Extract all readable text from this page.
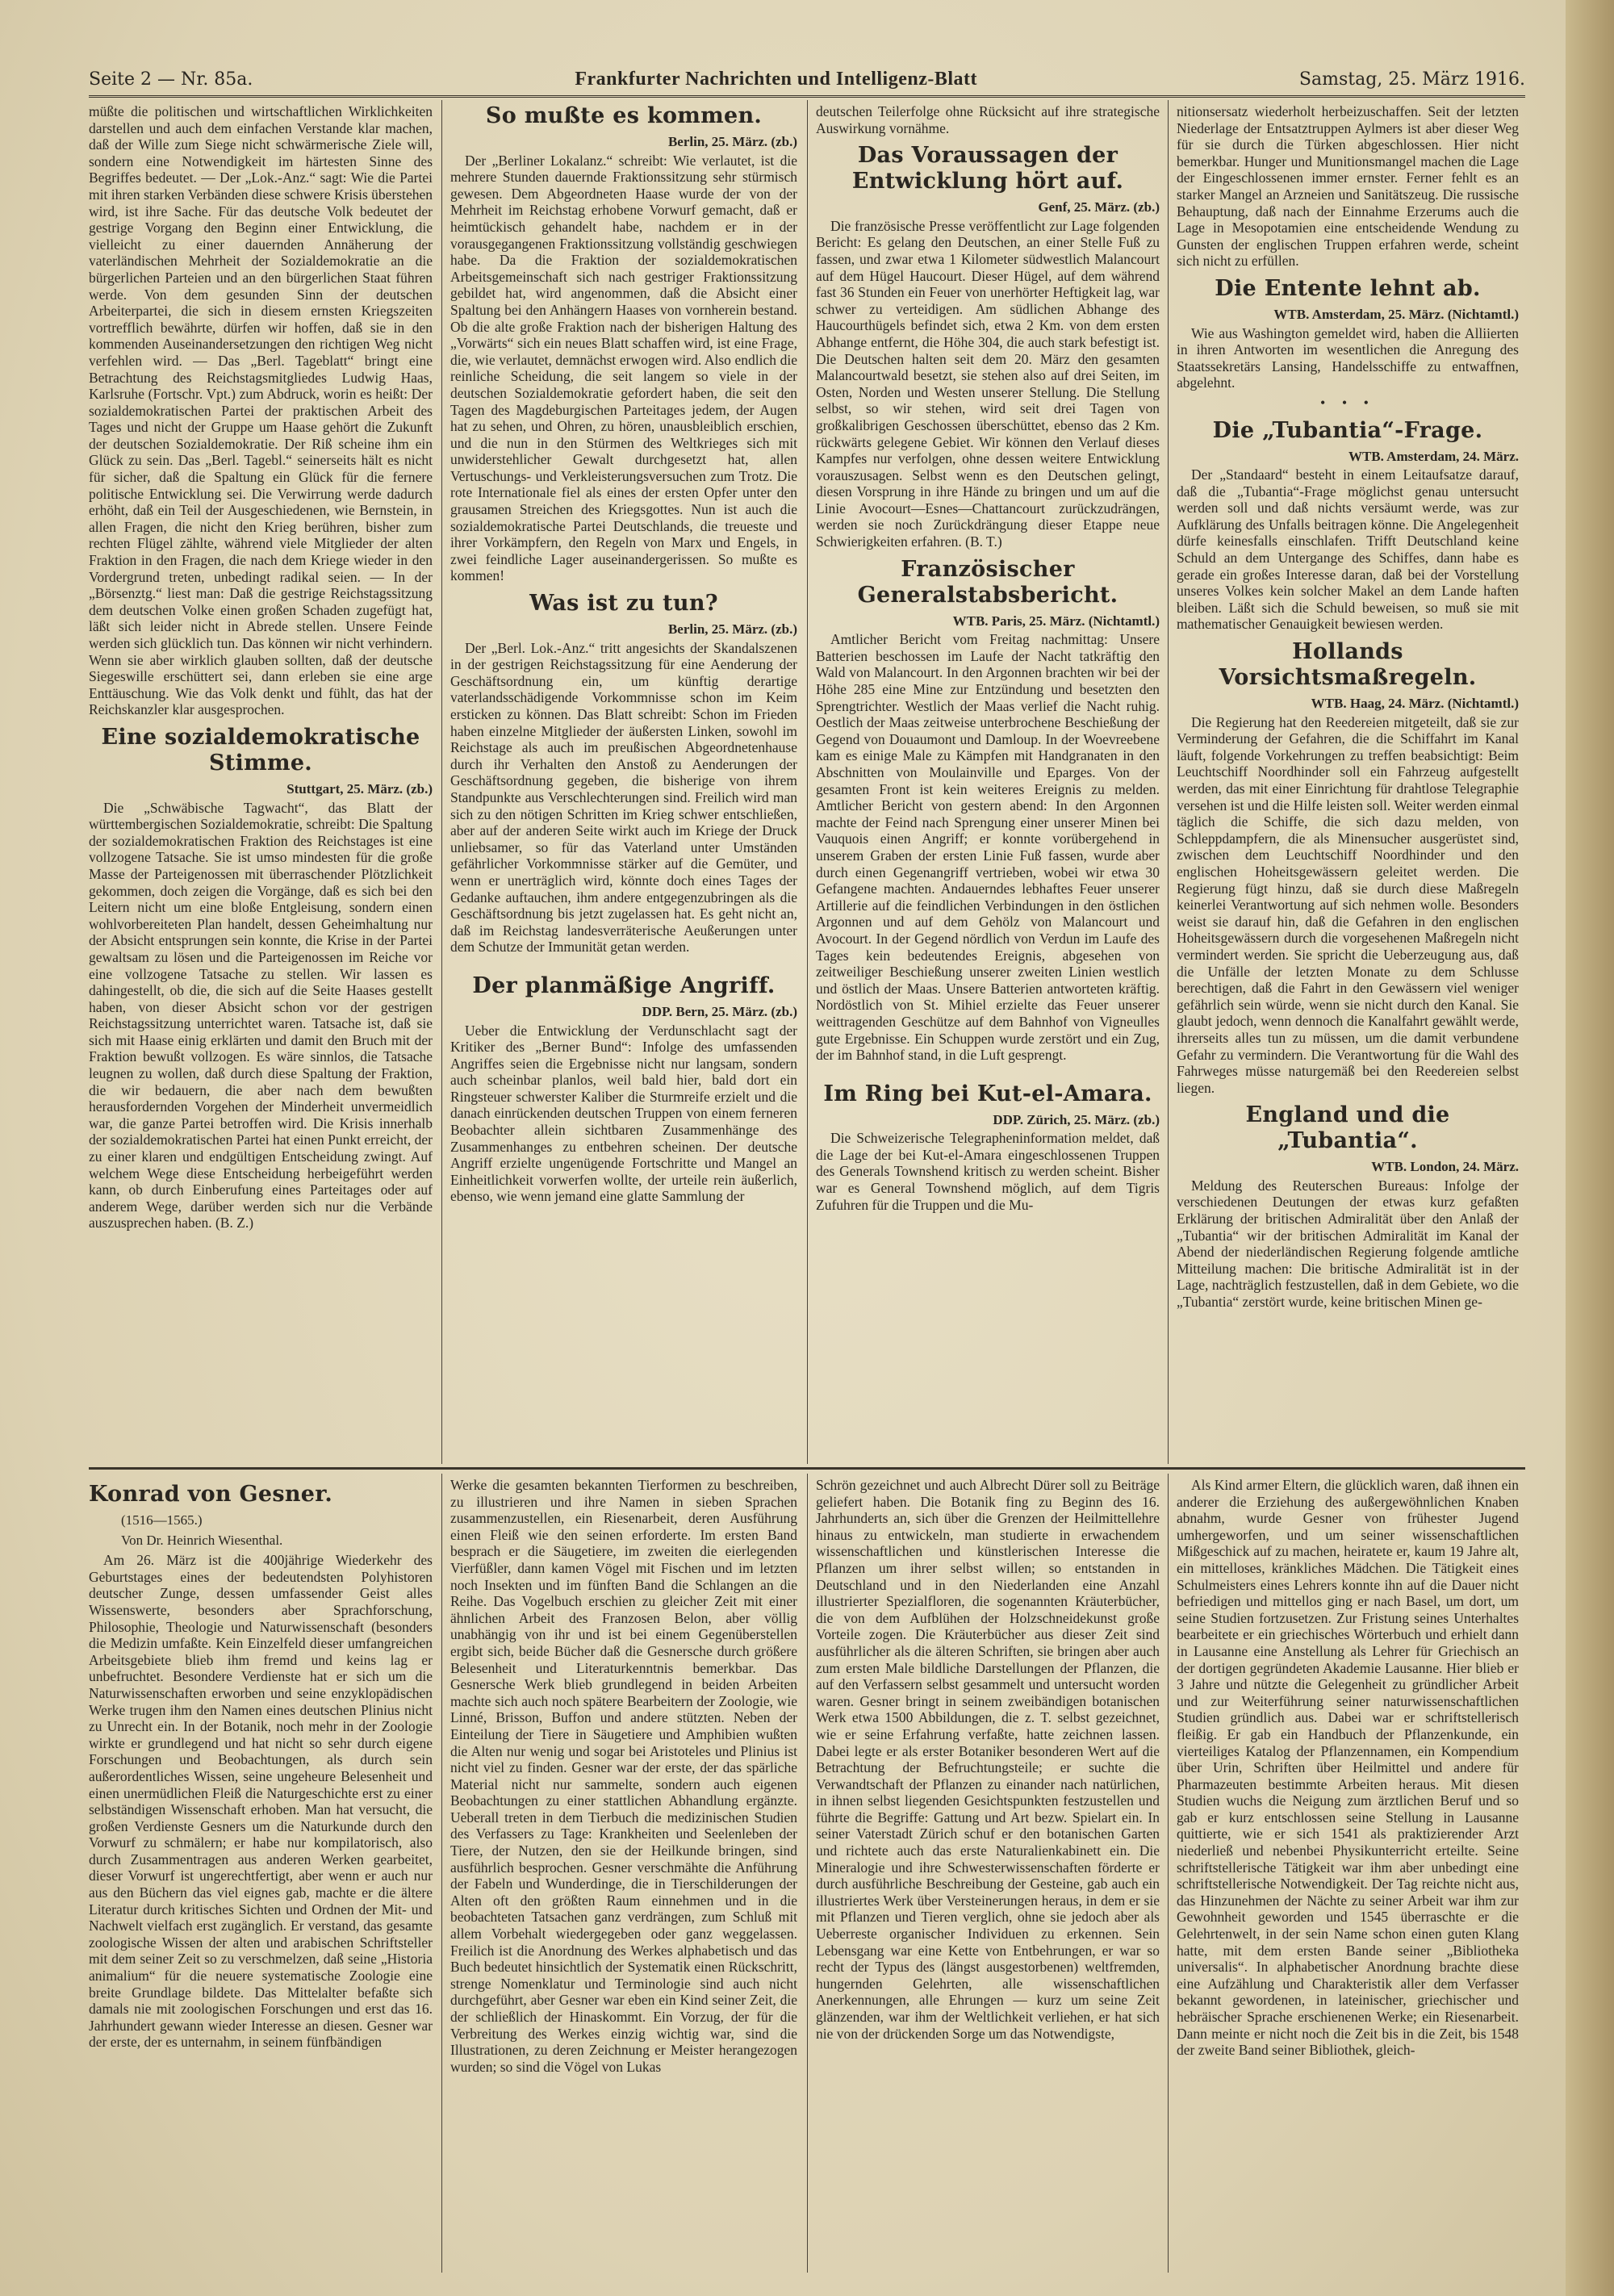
Seite 2 — Nr. 85a.	Frankfurter Nachrichten und Intelligenz-Blatt	Samstag, 25. März 1916.

müßte die politischen und wirtschaftlichen Wirklichkeiten darstellen und auch dem einfachen Verstande klar machen, daß der Wille zum Siege nicht schwärmerische Ziele will, sondern eine Notwendigkeit im härtesten Sinne des Begriffes bedeutet. — Der „Lok.-Anz.“ sagt: Wie die Partei mit ihren starken Verbänden diese schwere Krisis überstehen wird, ist ihre Sache. Für das deutsche Volk bedeutet der gestrige Vorgang den Beginn einer Entwicklung, die vielleicht zu einer dauernden Annäherung der vaterländischen Mehrheit der Sozialdemokratie an die bürgerlichen Parteien und an den bürgerlichen Staat führen werde. Von dem gesunden Sinn der deutschen Arbeiterpartei, die sich in diesem ernsten Kriegszeiten vortrefflich bewährte, dürfen wir hoffen, daß sie in den kommenden Auseinandersetzungen den richtigen Weg nicht verfehlen wird. — Das „Berl. Tageblatt“ bringt eine Betrachtung des Reichstagsmitgliedes Ludwig Haas, Karlsruhe (Fortschr. Vpt.) zum Abdruck, worin es heißt: Der sozialdemokratischen Partei der praktischen Arbeit des Tages und nicht der Gruppe um Haase gehört die Zukunft der deutschen Sozialdemokratie. Der Riß scheine ihm ein Glück zu sein. Das „Berl. Tagebl.“ seinerseits hält es nicht für sicher, daß die Spaltung ein Glück für die fernere politische Entwicklung sei. Die Verwirrung werde dadurch erhöht, daß ein Teil der Ausgeschiedenen, wie Bernstein, in allen Fragen, die nicht den Krieg berühren, bisher zum rechten Flügel zählte, während viele Mitglieder der alten Fraktion in den Fragen, die nach dem Kriege wieder in den Vordergrund treten, unbedingt radikal seien. — In der „Börsenztg.“ liest man: Daß die gestrige Reichstagssitzung dem deutschen Volke einen großen Schaden zugefügt hat, läßt sich leider nicht in Abrede stellen. Unsere Feinde werden sich glücklich tun. Das können wir nicht verhindern. Wenn sie aber wirklich glauben sollten, daß der deutsche Siegeswille erschüttert sei, dann erleben sie eine arge Enttäuschung. Wie das Volk denkt und fühlt, das hat der Reichskanzler klar ausgesprochen.

Eine sozialdemokratische Stimme.
Stuttgart, 25. März. (zb.)

Die „Schwäbische Tagwacht“, das Blatt der württembergischen Sozialdemokratie, schreibt: Die Spaltung der sozialdemokratischen Fraktion des Reichstages ist eine vollzogene Tatsache. Sie ist umso mindesten für die große Masse der Parteigenossen mit überraschender Plötzlichkeit gekommen, doch zeigen die Vorgänge, daß es sich bei den Leitern nicht um eine bloße Entgleisung, sondern einen wohlvorbereiteten Plan handelt, dessen Geheimhaltung nur der Absicht entsprungen sein konnte, die Krise in der Partei gewaltsam zu lösen und die Parteigenossen im Reiche vor eine vollzogene Tatsache zu stellen. Wir lassen es dahingestellt, ob die, die sich auf die Seite Haases gestellt haben, von dieser Absicht schon vor der gestrigen Reichstagssitzung unterrichtet waren. Tatsache ist, daß sie sich mit Haase einig erklärten und damit den Bruch mit der Fraktion bewußt vollzogen. Es wäre sinnlos, die Tatsache leugnen zu wollen, daß durch diese Spaltung der Fraktion, die wir bedauern, die aber nach dem bewußten herausfordernden Vorgehen der Minderheit unvermeidlich war, die ganze Partei betroffen wird. Die Krisis innerhalb der sozialdemokratischen Partei hat einen Punkt erreicht, der zu einer klaren und endgültigen Entscheidung zwingt. Auf welchem Wege diese Entscheidung herbeigeführt werden kann, ob durch Einberufung eines Parteitages oder auf anderem Wege, darüber werden sich nur die Verbände auszusprechen haben. (B. Z.)

So mußte es kommen.
Berlin, 25. März. (zb.)

Der „Berliner Lokalanz.“ schreibt: Wie verlautet, ist die mehrere Stunden dauernde Fraktionssitzung sehr stürmisch gewesen. Dem Abgeordneten Haase wurde der von der Mehrheit im Reichstag erhobene Vorwurf gemacht, daß er heimtückisch gehandelt habe, nachdem er in der vorausgegangenen Fraktionssitzung vollständig geschwiegen habe. Da die Fraktion der sozialdemokratischen Arbeitsgemeinschaft sich nach gestriger Fraktionssitzung gebildet hat, wird angenommen, daß die Absicht einer Spaltung bei den Anhängern Haases von vornherein bestand. Ob die alte große Fraktion nach der bisherigen Haltung des „Vorwärts“ sich ein neues Blatt schaffen wird, ist eine Frage, die, wie verlautet, demnächst erwogen wird. Also endlich die reinliche Scheidung, die seit langem so viele in der deutschen Sozialdemokratie gefordert haben, die seit den Tagen des Magdeburgischen Parteitages jedem, der Augen hat zu sehen, und Ohren, zu hören, unausbleiblich erschien, und die nun in den Stürmen des Weltkrieges sich mit unwiderstehlicher Gewalt durchgesetzt hat, allen Vertuschungs- und Verkleisterungsversuchen zum Trotz. Die rote Internationale fiel als eines der ersten Opfer unter den grausamen Streichen des Kriegsgottes. Nun ist auch die sozialdemokratische Partei Deutschlands, die treueste und ihrer Vorkämpfern, den Regeln von Marx und Engels, in zwei feindliche Lager auseinandergerissen. So mußte es kommen!

Was ist zu tun?
Berlin, 25. März. (zb.)

Der „Berl. Lok.-Anz.“ tritt angesichts der Skandalszenen in der gestrigen Reichstagssitzung für eine Aenderung der Geschäftsordnung ein, um künftig derartige vaterlandsschädigende Vorkommnisse schon im Keim ersticken zu können. Das Blatt schreibt: Schon im Frieden haben einzelne Mitglieder der äußersten Linken, sowohl im Reichstage als auch im preußischen Abgeordnetenhause durch ihr Verhalten den Anstoß zu Aenderungen der Geschäftsordnung gegeben, die bisherige von ihrem Standpunkte aus Verschlechterungen sind. Freilich wird man sich zu den nötigen Schritten im Krieg schwer entschließen, aber auf der anderen Seite wirkt auch im Kriege der Druck unliebsamer, so für das Vaterland unter Umständen gefährlicher Vorkommnisse stärker auf die Gemüter, und wenn er unerträglich wird, könnte doch eines Tages der Gedanke auftauchen, ihm andere entgegenzubringen als die Geschäftsordnung bis jetzt zugelassen hat. Es geht nicht an, daß im Reichstag landesverräterische Aeußerungen unter dem Schutze der Immunität getan werden.

Der planmäßige Angriff.
DDP. Bern, 25. März. (zb.)

Ueber die Entwicklung der Verdunschlacht sagt der Kritiker des „Berner Bund“: Infolge des umfassenden Angriffes seien die Ergebnisse nicht nur langsam, sondern auch scheinbar planlos, weil bald hier, bald dort ein Ringsteuer schwerster Kaliber die Sturmreife erzielt und die danach einrückenden deutschen Truppen von einem ferneren Beobachter allein sichtbaren Zusammenhänge des Zusammenhanges zu entbehren scheinen. Der deutsche Angriff erzielte ungenügende Fortschritte und Mangel an Einheitlichkeit vorwerfen wollte, der urteile rein äußerlich, ebenso, wie wenn jemand eine glatte Sammlung der

deutschen Teilerfolge ohne Rücksicht auf ihre strategische Auswirkung vornähme.

Das Voraussagen der Entwicklung hört auf.
Genf, 25. März. (zb.)

Die französische Presse veröffentlicht zur Lage folgenden Bericht: Es gelang den Deutschen, an einer Stelle Fuß zu fassen, und zwar etwa 1 Kilometer südwestlich Malancourt auf dem Hügel Haucourt. Dieser Hügel, auf dem während fast 36 Stunden ein Feuer von unerhörter Heftigkeit lag, war schwer zu verteidigen. Am südlichen Abhange des Haucourthügels befindet sich, etwa 2 Km. von dem ersten Abhange entfernt, die Höhe 304, die auch stark befestigt ist. Die Deutschen halten seit dem 20. März den gesamten Malancourtwald besetzt, sie stehen also auf drei Seiten, im Osten, Norden und Westen unserer Stellung. Die Stellung selbst, so wir stehen, wird seit drei Tagen von großkalibrigen Geschossen überschüttet, ebenso das 2 Km. rückwärts gelegene Gebiet. Wir können den Verlauf dieses Kampfes nur verfolgen, ohne dessen weitere Entwicklung vorauszusagen. Selbst wenn es den Deutschen gelingt, diesen Vorsprung in ihre Hände zu bringen und um auf die Linie Avocourt—Esnes—Chattancourt zurückzudrängen, werden sie noch Zurückdrängung dieser Etappe neue Schwierigkeiten erfahren. (B. T.)

Französischer Generalstabsbericht.
WTB. Paris, 25. März. (Nichtamtl.)

Amtlicher Bericht vom Freitag nachmittag: Unsere Batterien beschossen im Laufe der Nacht tatkräftig den Wald von Malancourt. In den Argonnen brachten wir bei der Höhe 285 eine Mine zur Entzündung und besetzten den Sprengtrichter. Westlich der Maas verlief die Nacht ruhig. Oestlich der Maas zeitweise unterbrochene Beschießung der Gegend von Douaumont und Damloup. In der Woevreebene kam es einige Male zu Kämpfen mit Handgranaten in den Abschnitten von Moulainville und Eparges. Von der gesamten Front ist kein weiteres Ereignis zu melden. Amtlicher Bericht von gestern abend: In den Argonnen machte der Feind nach Sprengung einer unserer Minen bei Vauquois einen Angriff; er konnte vorübergehend in unserem Graben der ersten Linie Fuß fassen, wurde aber durch einen Gegenangriff vertrieben, wobei wir etwa 30 Gefangene machten. Andauerndes lebhaftes Feuer unserer Artillerie auf die feindlichen Verbindungen in den östlichen Argonnen und auf dem Gehölz von Malancourt und Avocourt. In der Gegend nördlich von Verdun im Laufe des Tages kein bedeutendes Ereignis, abgesehen von zeitweiliger Beschießung unserer zweiten Linien westlich und östlich der Maas. Unsere Batterien antworteten kräftig. Nordöstlich von St. Mihiel erzielte das Feuer unserer weittragenden Geschütze auf dem Bahnhof von Vigneulles gute Ergebnisse. Ein Schuppen wurde zerstört und ein Zug, der im Bahnhof stand, in die Luft gesprengt.

Im Ring bei Kut-el-Amara.
DDP. Zürich, 25. März. (zb.)

Die Schweizerische Telegrapheninformation meldet, daß die Lage der bei Kut-el-Amara eingeschlossenen Truppen des Generals Townshend kritisch zu werden scheint. Bisher war es General Townshend möglich, auf dem Tigris Zufuhren für die Truppen und die Mu-

nitionsersatz wiederholt herbeizuschaffen. Seit der letzten Niederlage der Entsatztruppen Aylmers ist aber dieser Weg für sie durch die Türken abgeschlossen. Hier nicht bemerkbar. Hunger und Munitionsmangel machen die Lage der Eingeschlossenen immer ernster. Ferner fehlt es an starker Mangel an Arzneien und Sanitätszeug. Die russische Behauptung, daß nach der Einnahme Erzerums auch die Lage in Mesopotamien eine entscheidende Wendung zu Gunsten der englischen Truppen erfahren werde, scheint sich nicht zu erfüllen.

Die Entente lehnt ab.
WTB. Amsterdam, 25. März. (Nichtamtl.)

Wie aus Washington gemeldet wird, haben die Alliierten in ihren Antworten im wesentlichen die Anregung des Staatssekretärs Lansing, Handelsschiffe zu entwaffnen, abgelehnt.

• • •
Die „Tubantia“-Frage.
WTB. Amsterdam, 24. März.

Der „Standaard“ besteht in einem Leitaufsatze darauf, daß die „Tubantia“-Frage möglichst genau untersucht werden soll und daß nichts versäumt werde, was zur Aufklärung des Unfalls beitragen könne. Die Angelegenheit dürfe keinesfalls einschlafen. Trifft Deutschland keine Schuld an dem Untergange des Schiffes, dann habe es gerade ein großes Interesse daran, daß bei der Vorstellung unseres Volkes kein solcher Makel an dem Lande haften bleiben. Läßt sich die Schuld beweisen, so muß sie mit mathematischer Genauigkeit bewiesen werden.

Hollands Vorsichtsmaßregeln.
WTB. Haag, 24. März. (Nichtamtl.)

Die Regierung hat den Reedereien mitgeteilt, daß sie zur Verminderung der Gefahren, die die Schiffahrt im Kanal läuft, folgende Vorkehrungen zu treffen beabsichtigt: Beim Leuchtschiff Noordhinder soll ein Fahrzeug aufgestellt werden, das mit einer Einrichtung für drahtlose Telegraphie versehen ist und die Hilfe leisten soll. Weiter werden einmal täglich die Schiffe, die sich dazu melden, von Schleppdampfern, die als Minensucher ausgerüstet sind, zwischen dem Leuchtschiff Noordhinder und den englischen Hoheitsgewässern geleitet werden. Die Regierung fügt hinzu, daß sie durch diese Maßregeln keinerlei Verantwortung auf sich nehmen wolle. Besonders weist sie darauf hin, daß die Gefahren in den englischen Hoheitsgewässern durch die vorgesehenen Maßregeln nicht vermindert werden. Sie spricht die Ueberzeugung aus, daß die Unfälle der letzten Monate zu dem Schlusse berechtigen, daß die Fahrt in den Gewässern viel weniger gefährlich sein würde, wenn sie nicht durch den Kanal. Sie glaubt jedoch, wenn dennoch die Kanalfahrt gewählt werde, ihrerseits alles tun zu müssen, um die damit verbundene Gefahr zu vermindern. Die Verantwortung für die Wahl des Fahrweges müsse naturgemäß bei den Reedereien selbst liegen.

England und die „Tubantia“.
WTB. London, 24. März.

Meldung des Reuterschen Bureaus: Infolge der verschiedenen Deutungen der etwas kurz gefaßten Erklärung der britischen Admiralität über den Anlaß der „Tubantia“ wir der britischen Admiralität im Kanal der Abend der niederländischen Regierung folgende amtliche Mitteilung machen: Die britische Admiralität ist in der Lage, nachträglich festzustellen, daß in dem Gebiete, wo die „Tubantia“ zerstört wurde, keine britischen Minen ge-

Konrad von Gesner.
(1516—1565.)
Von Dr. Heinrich Wiesenthal.

Am 26. März ist die 400jährige Wiederkehr des Geburtstages eines der bedeutendsten Polyhistoren deutscher Zunge, dessen umfassender Geist alles Wissenswerte, besonders aber Sprachforschung, Philosophie, Theologie und Naturwissenschaft (besonders die Medizin umfaßte. Kein Einzelfeld dieser umfangreichen Arbeitsgebiete blieb ihm fremd und keins lag er unbefruchtet. Besondere Verdienste hat er sich um die Naturwissenschaften erworben und seine enzyklopädischen Werke trugen ihm den Namen eines deutschen Plinius nicht zu Unrecht ein. In der Botanik, noch mehr in der Zoologie wirkte er grundlegend und hat nicht so sehr durch eigene Forschungen und Beobachtungen, als durch sein außerordentliches Wissen, seine ungeheure Belesenheit und einen unermüdlichen Fleiß die Naturgeschichte erst zu einer selbständigen Wissenschaft erhoben. Man hat versucht, die großen Verdienste Gesners um die Naturkunde durch den Vorwurf zu schmälern; er habe nur kompilatorisch, also durch Zusammentragen aus anderen Werken gearbeitet, dieser Vorwurf ist ungerechtfertigt, aber wenn er auch nur aus den Büchern das viel eignes gab, machte er die ältere Literatur durch kritisches Sichten und Ordnen der Mit- und Nachwelt vielfach erst zugänglich. Er verstand, das gesamte zoologische Wissen der alten und arabischen Schriftsteller mit dem seiner Zeit so zu verschmelzen, daß seine „Historia animalium“ für die neuere systematische Zoologie eine breite Grundlage bildete. Das Mittelalter befaßte sich damals nie mit zoologischen Forschungen und erst das 16. Jahrhundert gewann wieder Interesse an diesen. Gesner war der erste, der es unternahm, in seinem fünfbändigen

Werke die gesamten bekannten Tierformen zu beschreiben, zu illustrieren und ihre Namen in sieben Sprachen zusammenzustellen, ein Riesenarbeit, deren Ausführung einen Fleiß wie den seinen erforderte. Im ersten Band besprach er die Säugetiere, im zweiten die eierlegenden Vierfüßler, dann kamen Vögel mit Fischen und im letzten noch Insekten und im fünften Band die Schlangen an die Reihe. Das Vogelbuch erschien zu gleicher Zeit mit einer ähnlichen Arbeit des Franzosen Belon, aber völlig unabhängig von ihr und ist bei einem Gegenüberstellen ergibt sich, beide Bücher daß die Gesnersche durch größere Belesenheit und Literaturkenntnis bemerkbar. Das Gesnersche Werk blieb grundlegend in beiden Arbeiten machte sich auch noch spätere Bearbeitern der Zoologie, wie Linné, Brisson, Buffon und andere stützten. Neben der Einteilung der Tiere in Säugetiere und Amphibien wußten die Alten nur wenig und sogar bei Aristoteles und Plinius ist nicht viel zu finden. Gesner war der erste, der das spärliche Material nicht nur sammelte, sondern auch eigenen Beobachtungen zu einer stattlichen Abhandlung ergänzte. Ueberall treten in dem Tierbuch die medizinischen Studien des Verfassers zu Tage: Krankheiten und Seelenleben der Tiere, der Nutzen, den sie der Heilkunde bringen, sind ausführlich besprochen. Gesner verschmähte die Anführung der Fabeln und Wunderdinge, die in Tierschilderungen der Alten oft den größten Raum einnehmen und in die beobachteten Tatsachen ganz verdrängen, zum Schluß mit allem Vorbehalt wiedergegeben oder ganz weggelassen. Freilich ist die Anordnung des Werkes alphabetisch und das Buch bedeutet hinsichtlich der Systematik einen Rückschritt, strenge Nomenklatur und Terminologie sind auch nicht durchgeführt, aber Gesner war eben ein Kind seiner Zeit, die der schließlich der Hinaskommt. Ein Vorzug, der für die Verbreitung des Werkes einzig wichtig war, sind die Illustrationen, zu deren Zeichnung er Meister herangezogen wurden; so sind die Vögel von Lukas

Schrön gezeichnet und auch Albrecht Dürer soll zu Beiträge geliefert haben. Die Botanik fing zu Beginn des 16. Jahrhunderts an, sich über die Grenzen der Heilmittellehre hinaus zu entwickeln, man studierte in erwachendem wissenschaftlichen und künstlerischen Interesse die Pflanzen um ihrer selbst willen; so entstanden in Deutschland und in den Niederlanden eine Anzahl illustrierter Spezialfloren, die sogenannten Kräuterbücher, die von dem Aufblühen der Holzschneidekunst große Vorteile zogen. Die Kräuterbücher aus dieser Zeit sind ausführlicher als die älteren Schriften, sie bringen aber auch zum ersten Male bildliche Darstellungen der Pflanzen, die auf den Verfassern selbst gesammelt und untersucht worden waren. Gesner bringt in seinem zweibändigen botanischen Werk etwa 1500 Abbildungen, die z. T. selbst gezeichnet, wie er seine Erfahrung verfaßte, hatte zeichnen lassen. Dabei legte er als erster Botaniker besonderen Wert auf die Betrachtung der Befruchtungsteile; er suchte die Verwandtschaft der Pflanzen zu einander nach natürlichen, in ihnen selbst liegenden Gesichtspunkten festzustellen und führte die Begriffe: Gattung und Art bezw. Spielart ein. In seiner Vaterstadt Zürich schuf er den botanischen Garten und richtete auch das erste Naturalienkabinett ein. Die Mineralogie und ihre Schwesterwissenschaften förderte er durch ausführliche Beschreibung der Gesteine, gab auch ein illustriertes Werk über Versteinerungen heraus, in dem er sie mit Pflanzen und Tieren verglich, ohne sie jedoch aber als Ueberreste organischer Individuen zu erkennen. Sein Lebensgang war eine Kette von Entbehrungen, er war so recht der Typus des (längst ausgestorbenen) weltfremden, hungernden Gelehrten, alle wissenschaftlichen Anerkennungen, alle Ehrungen — kurz um seine Zeit glänzenden, war ihm der Weltlichkeit verliehen, er hat sich nie von der drückenden Sorge um das Notwendigste,

Als Kind armer Eltern, die glücklich waren, daß ihnen ein anderer die Erziehung des außergewöhnlichen Knaben abnahm, wurde Gesner von frühester Jugend umhergeworfen, und um seiner wissenschaftlichen Mißgeschick auf zu machen, heiratete er, kaum 19 Jahre alt, ein mittelloses, kränkliches Mädchen. Die Tätigkeit eines Schulmeisters eines Lehrers konnte ihn auf die Dauer nicht befriedigen und mittellos ging er nach Basel, um dort, um seine Studien fortzusetzen. Zur Fristung seines Unterhaltes bearbeitete er ein griechisches Wörterbuch und erhielt dann in Lausanne eine Anstellung als Lehrer für Griechisch an der dortigen gegründeten Akademie Lausanne. Hier blieb er 3 Jahre und nützte die Gelegenheit zu gründlicher Arbeit und zur Weiterführung seiner naturwissenschaftlichen Studien gründlich aus. Dabei war er schriftstellerisch fleißig. Er gab ein Handbuch der Pflanzenkunde, ein vierteiliges Katalog der Pflanzennamen, ein Kompendium über Urin, Schriften über Heilmittel und andere für Pharmazeuten bestimmte Arbeiten heraus. Mit diesen Studien wuchs die Neigung zum ärztlichen Beruf und so gab er kurz entschlossen seine Stellung in Lausanne quittierte, wie er sich 1541 als praktizierender Arzt niederließ und nebenbei Physikunterricht erteilte. Seine schriftstellerische Tätigkeit war ihm aber unbedingt eine schriftstellerische Notwendigkeit. Der Tag reichte nicht aus, das Hinzunehmen der Nächte zu seiner Arbeit war ihm zur Gewohnheit geworden und 1545 überraschte er die Gelehrtenwelt, in der sein Name schon einen guten Klang hatte, mit dem ersten Bande seiner „Bibliotheka universalis“. In alphabetischer Anordnung brachte diese eine Aufzählung und Charakteristik aller dem Verfasser bekannt gewordenen, in lateinischer, griechischer und hebräischer Sprache erschienenen Werke; ein Riesenarbeit. Dann meinte er nicht noch die Zeit bis in die Zeit, bis 1548 der zweite Band seiner Bibliothek, gleich-
